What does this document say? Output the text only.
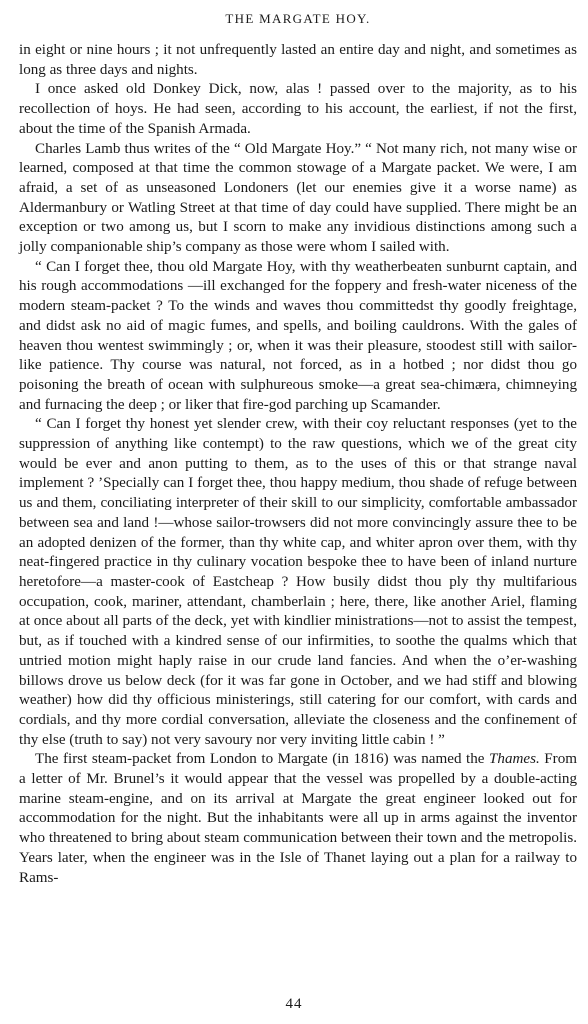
THE MARGATE HOY.

in eight or nine hours ; it not unfrequently lasted an entire day and night, and sometimes as long as three days and nights.

I once asked old Donkey Dick, now, alas ! passed over to the majority, as to his recollection of hoys. He had seen, according to his account, the earliest, if not the first, about the time of the Spanish Armada.

Charles Lamb thus writes of the “ Old Margate Hoy.” “ Not many rich, not many wise or learned, composed at that time the common stowage of a Margate packet. We were, I am afraid, a set of as unseasoned Londoners (let our enemies give it a worse name) as Aldermanbury or Watling Street at that time of day could have supplied. There might be an exception or two among us, but I scorn to make any invidious distinctions among such a jolly companionable ship’s company as those were whom I sailed with.

“ Can I forget thee, thou old Margate Hoy, with thy weatherbeaten sunburnt captain, and his rough accommodations —ill exchanged for the foppery and fresh-water niceness of the modern steam-packet ? To the winds and waves thou committedst thy goodly freightage, and didst ask no aid of magic fumes, and spells, and boiling cauldrons. With the gales of heaven thou wentest swimmingly ; or, when it was their pleasure, stoodest still with sailor-like patience. Thy course was natural, not forced, as in a hotbed ; nor didst thou go poisoning the breath of ocean with sulphureous smoke—a great sea-chimæra, chimneying and furnacing the deep ; or liker that fire-god parching up Scamander.

“ Can I forget thy honest yet slender crew, with their coy reluctant responses (yet to the suppression of anything like contempt) to the raw questions, which we of the great city would be ever and anon putting to them, as to the uses of this or that strange naval implement ? ’Specially can I forget thee, thou happy medium, thou shade of refuge between us and them, conciliating interpreter of their skill to our simplicity, comfortable ambassador between sea and land !—whose sailor-trowsers did not more convincingly assure thee to be an adopted denizen of the former, than thy white cap, and whiter apron over them, with thy neat-fingered practice in thy culinary vocation bespoke thee to have been of inland nurture heretofore—a master-cook of Eastcheap ? How busily didst thou ply thy multifarious occupation, cook, mariner, attendant, chamberlain ; here, there, like another Ariel, flaming at once about all parts of the deck, yet with kindlier ministrations—not to assist the tempest, but, as if touched with a kindred sense of our infirmities, to soothe the qualms which that untried motion might haply raise in our crude land fancies. And when the o’er-washing billows drove us below deck (for it was far gone in October, and we had stiff and blowing weather) how did thy officious ministerings, still catering for our comfort, with cards and cordials, and thy more cordial conversation, alleviate the closeness and the confinement of thy else (truth to say) not very savoury nor very inviting little cabin ! ”

The first steam-packet from London to Margate (in 1816) was named the Thames. From a letter of Mr. Brunel’s it would appear that the vessel was propelled by a double-acting marine steam-engine, and on its arrival at Margate the great engineer looked out for accommodation for the night. But the inhabitants were all up in arms against the inventor who threatened to bring about steam communication between their town and the metropolis. Years later, when the engineer was in the Isle of Thanet laying out a plan for a railway to Rams-

44
